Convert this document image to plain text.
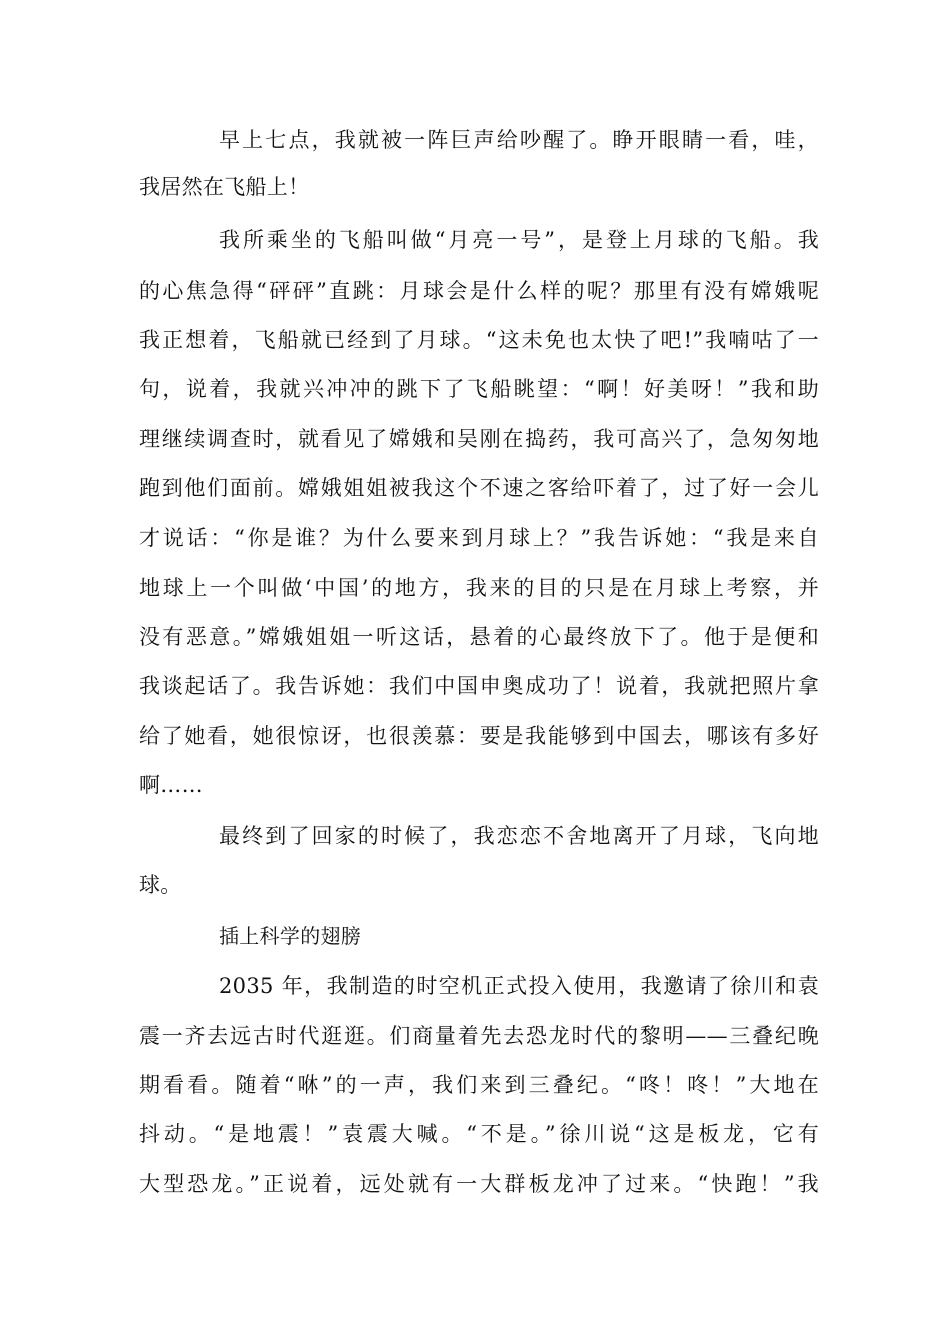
早上七点，我就被一阵巨声给吵醒了。睁开眼睛一看，哇，
我居然在飞船上！
我所乘坐的飞船叫做“月亮一号”，是登上月球的飞船。我
的心焦急得“砰砰”直跳：月球会是什么样的呢？那里有没有嫦娥呢
我正想着，飞船就已经到了月球。“这未免也太快了吧!”我喃咕了一
句，说着，我就兴冲冲的跳下了飞船眺望：“啊！好美呀！”我和助
理继续调查时，就看见了嫦娥和吴刚在捣药，我可高兴了，急匆匆地
跑到他们面前。嫦娥姐姐被我这个不速之客给吓着了，过了好一会儿
才说话：“你是谁？为什么要来到月球上？”我告诉她：“我是来自
地球上一个叫做‘中国’的地方，我来的目的只是在月球上考察，并
没有恶意。”嫦娥姐姐一听这话，悬着的心最终放下了。他于是便和
我谈起话了。我告诉她：我们中国申奥成功了！说着，我就把照片拿
给了她看，她很惊讶，也很羡慕：要是我能够到中国去，哪该有多好
啊……
最终到了回家的时候了，我恋恋不舍地离开了月球，飞向地
球。
插上科学的翅膀
2035 年，我制造的时空机正式投入使用，我邀请了徐川和袁
震一齐去远古时代逛逛。们商量着先去恐龙时代的黎明——三叠纪晚
期看看。随着“咻”的一声，我们来到三叠纪。“咚！咚！”大地在
抖动。“是地震！”袁震大喊。“不是。”徐川说“这是板龙，它有
大型恐龙。”正说着，远处就有一大群板龙冲了过来。“快跑！”我
